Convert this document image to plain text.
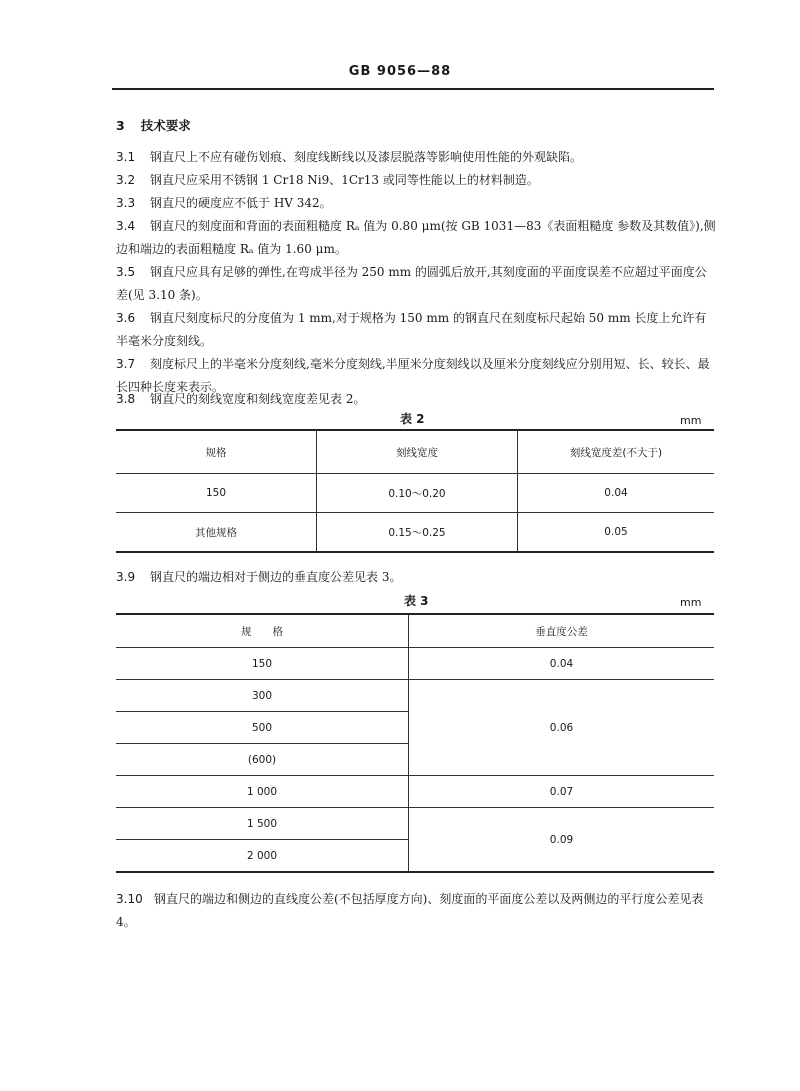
GB 9056—88
3 技术要求

3.1 钢直尺上不应有碰伤划痕、刻度线断线以及漆层脱落等影响使用性能的外观缺陷。

3.2 钢直尺应采用不锈钢 1 Cr18 Ni9、1Cr13 或同等性能以上的材料制造。

3.3 钢直尺的硬度应不低于 HV 342。

3.4 钢直尺的刻度面和背面的表面粗糙度 Rₐ 值为 0.80 μm(按 GB 1031—83《表面粗糙度 参数及其数值》),侧边和端边的表面粗糙度 Rₐ 值为 1.60 μm。

3.5 钢直尺应具有足够的弹性,在弯成半径为 250 mm 的圆弧后放开,其刻度面的平面度误差不应超过平面度公差(见 3.10 条)。

3.6 钢直尺刻度标尺的分度值为 1 mm,对于规格为 150 mm 的钢直尺在刻度标尺起始 50 mm 长度上允许有半毫米分度刻线。

3.7 刻度标尺上的半毫米分度刻线,毫米分度刻线,半厘米分度刻线以及厘米分度刻线应分别用短、长、较长、最长四种长度来表示。

3.8 钢直尺的刻线宽度和刻线宽度差见表 2。

表 2	mm
规格	刻线宽度	刻线宽度差(不大于)
150	0.10～0.20	0.04
其他规格	0.15～0.25	0.05

3.9 钢直尺的端边相对于侧边的垂直度公差见表 3。

表 3	mm
规　　格	垂直度公差
150	0.04
300	0.06
500	
(600)	
1 000	0.07
1 500	0.09
2 000	

3.10 钢直尺的端边和侧边的直线度公差(不包括厚度方向)、刻度面的平面度公差以及两侧边的平行度公差见表 4。
